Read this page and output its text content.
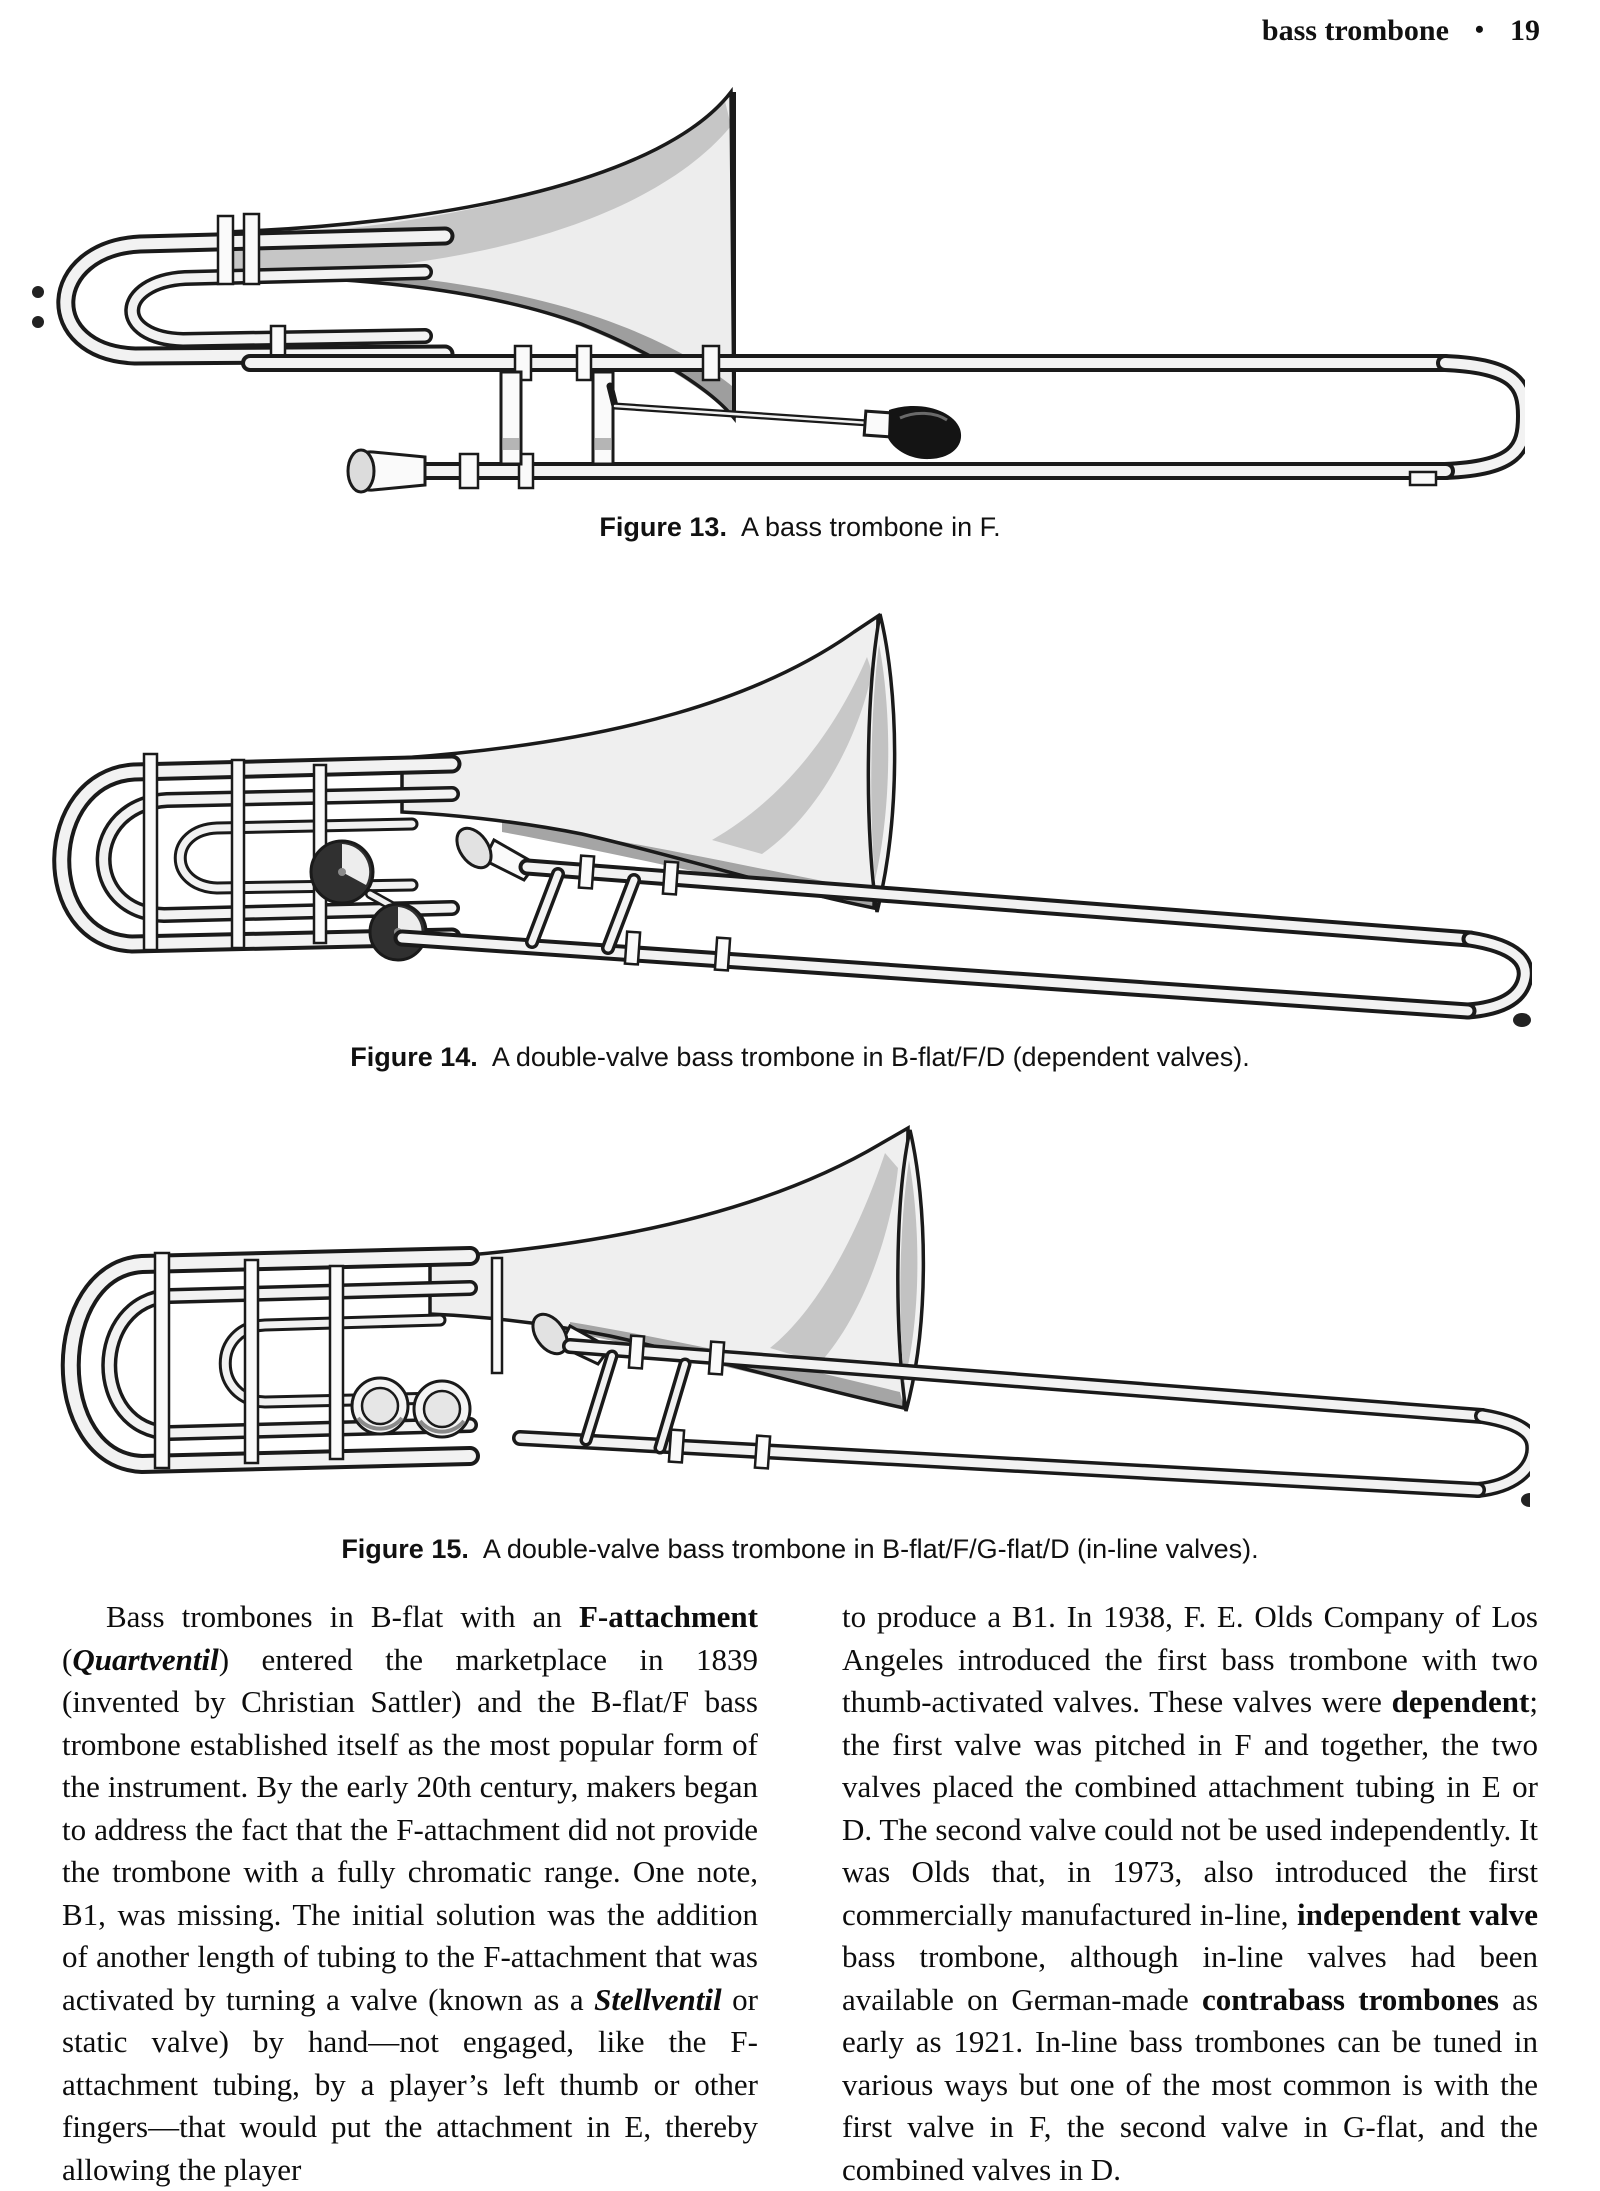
bass trombone • 19
Figure 13. A bass trombone in F.
Figure 14. A double-valve bass trombone in B-flat/F/D (dependent valves).
Figure 15. A double-valve bass trombone in B-flat/F/G-flat/D (in-line valves).
Bass trombones in B-flat with an F-attachment (Quartventil) entered the marketplace in 1839 (invented by Christian Sattler) and the B-flat/F bass trombone established itself as the most popular form of the instrument. By the early 20th century, makers began to address the fact that the F-attachment did not provide the trombone with a fully chromatic range. One note, B1, was missing. The initial solution was the addition of another length of tubing to the F-attachment that was activated by turning a valve (known as a Stellventil or static valve) by hand—not engaged, like the F-attachment tubing, by a player’s left thumb or other fingers—that would put the attachment in E, thereby allowing the player
to produce a B1. In 1938, F. E. Olds Company of Los Angeles introduced the first bass trombone with two thumb-activated valves. These valves were dependent; the first valve was pitched in F and together, the two valves placed the combined attachment tubing in E or D. The second valve could not be used independently. It was Olds that, in 1973, also introduced the first commercially manufactured in-line, independent valve bass trombone, although in-line valves had been available on German-made contrabass trombones as early as 1921. In-line bass trombones can be tuned in various ways but one of the most common is with the first valve in F, the second valve in G-flat, and the combined valves in D.
